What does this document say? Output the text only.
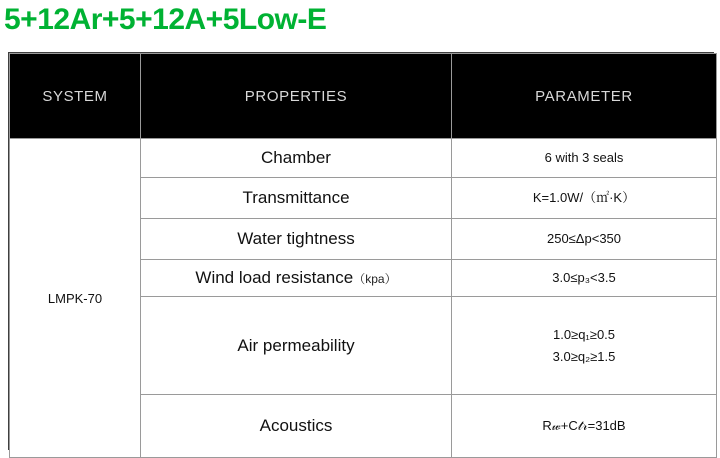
5+12Ar+5+12A+5Low-E
SYSTEM	PROPERTIES	PARAMETER
LMPK-70	Chamber	6 with 3 seals

	Transmittance	K=1.0W/（㎡·K）

	Water tightness	250≤Δp<350

	Wind load resistance（kpa）	3.0≤p₃<3.5

	Air permeability	1.0≥q₁≥0.5
3.0≥q₂≥1.5

	Acoustics	R𝓌+C𝓉𝓇=31dB
